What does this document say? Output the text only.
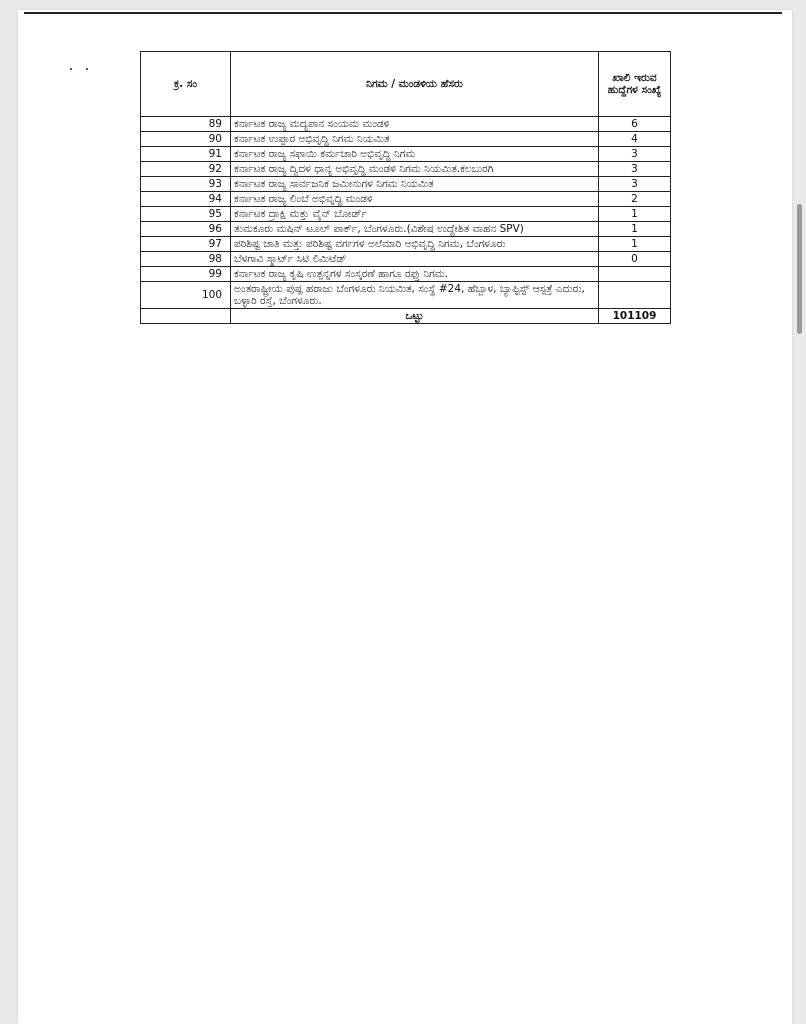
ಕ್ರ. ಸಂ	ನಿಗಮ / ಮಂಡಳಿಯ ಹೆಸರು	ಖಾಲಿ ಇರುವ ಹುದ್ದೆಗಳ ಸಂಖ್ಯೆ
89	ಕರ್ನಾಟಕ ರಾಜ್ಯ ಮದ್ಯಪಾನ ಸಂಯಮ ಮಂಡಳಿ	6
90	ಕರ್ನಾಟಕ ಉಪ್ಪಾರ ಅಭಿವೃದ್ಧಿ ನಿಗಮ ನಿಯಮಿತ	4
91	ಕರ್ನಾಟಕ ರಾಜ್ಯ ಸಫಾಯಿ ಕರ್ಮಚಾರಿ ಅಭಿವೃದ್ಧಿ ನಿಗಮ	3
92	ಕರ್ನಾಟಕ ರಾಜ್ಯ ದ್ವಿದಳ ಧಾನ್ಯ ಅಭಿವೃದ್ಧಿ ಮಂಡಳಿ ನಿಗಮ ನಿಯಮಿತ.ಕಲಬುರಗಿ	3
93	ಕರ್ನಾಟಕ ರಾಜ್ಯ ಸಾರ್ವಜನಿಕ ಜಮೀನುಗಳ ನಿಗಮ ನಿಯಮಿತ	3
94	ಕರ್ನಾಟಕ ರಾಜ್ಯ ಲಿಂಬೆ ಅಭಿವೃದ್ಧಿ ಮಂಡಳಿ	2
95	ಕರ್ನಾಟಕ ದ್ರಾಕ್ಷಿ ಮತ್ತು ವೈನ್ ಬೋರ್ಡ್	1
96	ತುಮಕೂರು ಮಷಿನ್ ಟೂಲ್ ಪಾರ್ಕ್, ಬೆಂಗಳೂರು.(ವಿಶೇಷ ಉದ್ದೇಶಿತ ವಾಹನ SPV)	1
97	ಪರಿಶಿಷ್ಟ ಜಾತಿ ಮತ್ತು ಪರಿಶಿಷ್ಟ ವರ್ಗಗಳ ಅಲೆಮಾರಿ ಅಭಿವೃದ್ಧಿ ನಿಗಮ, ಬೆಂಗಳೂರು	1
98	ಬೆಳಗಾವಿ ಸ್ಮಾರ್ಟ್ ಸಿಟಿ ಲಿಮಿಟೆಡ್	0
99	ಕರ್ನಾಟಕ ರಾಜ್ಯ ಕೃಷಿ ಉತ್ಪನ್ನಗಳ ಸಂಸ್ಕರಣೆ ಹಾಗೂ ರಫ್ತು ನಿಗಮ.	
100	ಅಂತರಾಷ್ಟ್ರೀಯ ಪುಷ್ಪ ಹರಾಜು ಬೆಂಗಳೂರು ನಿಯಮಿತ, ಸಂಸ್ಥೆ #24, ಹೆಬ್ಬಾಳ, ಬ್ಯಾಪ್ಟಿಸ್ಟ್ ಆಸ್ಪತ್ರೆ ಎದುರು, ಬಳ್ಳಾರಿ ರಸ್ತೆ, ಬೆಂಗಳೂರು.	
	ಒಟ್ಟು	101109
